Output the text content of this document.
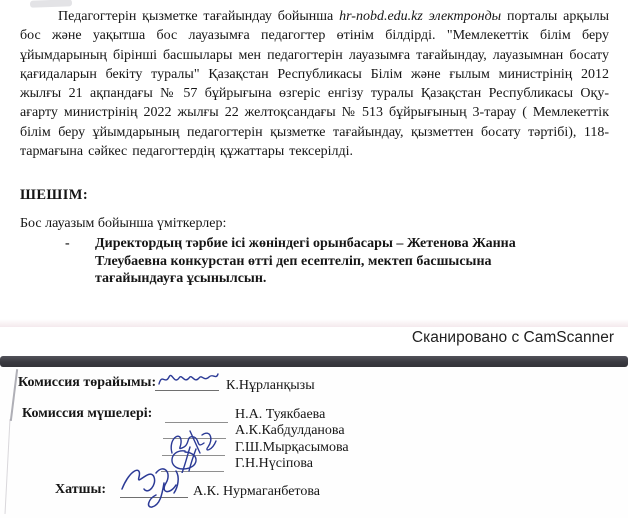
Педагогтерін қызметке тағайындау бойынша hr-nobd.edu.kz электронды порталы арқылы бос және уақытша бос лауазымға педагогтер өтінім білдірді. "Мемлекеттік білім беру ұйымдарының бірінші басшылары мен педагогтерін лауазымға тағайындау, лауазымнан босату қағидаларын бекіту туралы" Қазақстан Республикасы Білім және ғылым министрінің 2012 жылғы 21 ақпандағы № 57 бұйрығына өзгеріс енгізу туралы Қазақстан Республикасы Оқу-ағарту министрінің 2022 жылғы 22 желтоқсандағы № 513 бұйрығының 3-тарау ( Мемлекеттік білім беру ұйымдарының педагогтерін қызметке тағайындау, қызметтен босату тәртібі), 118-тармағына сәйкес педагогтердің құжаттары тексерілді.

ШЕШІМ:

Бос лауазым бойынша үміткерлер:

- Директордың тәрбие ісі жөніндегі орынбасары – Жетенова Жанна Тлеубаевна конкурстан өтті деп есептеліп, мектеп басшысына тағайындауға ұсынылсын.
Сканировано с CamScanner
Комиссия төрайымы:	К.Нұрланқызы
Комиссия мүшелері:	Н.А. Туякбаева
А.К.Кабдулданова
Г.Ш.Мырқасымова
Г.Н.Нүсіпова
Хатшы:	А.К. Нурмаганбетова
